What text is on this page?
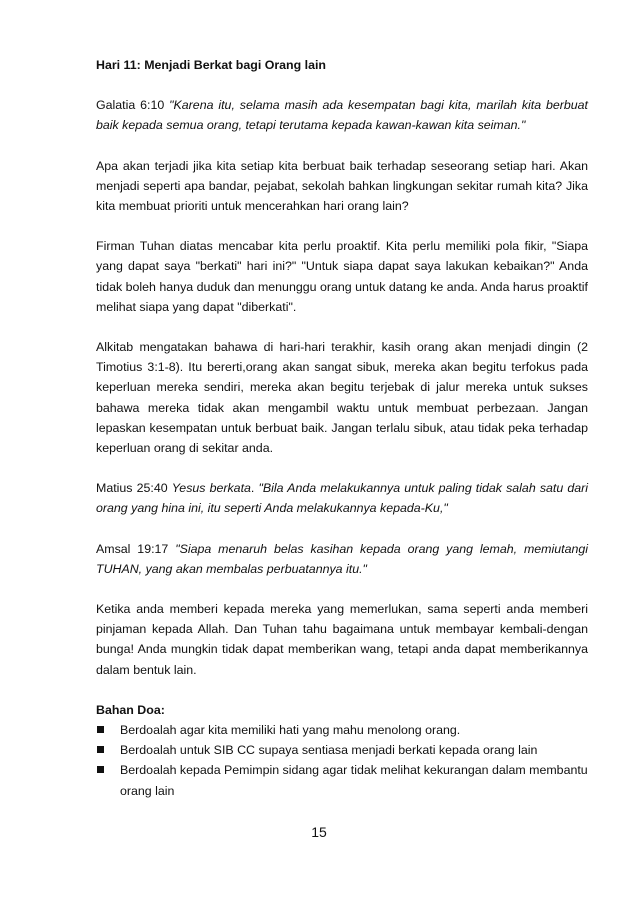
Hari 11: Menjadi Berkat bagi Orang lain

Galatia 6:10 "Karena itu, selama masih ada kesempatan bagi kita, marilah kita berbuat baik kepada semua orang, tetapi terutama kepada kawan-kawan kita seiman."

Apa akan terjadi jika kita setiap kita berbuat baik terhadap seseorang setiap hari. Akan menjadi seperti apa bandar, pejabat, sekolah bahkan lingkungan sekitar rumah kita? Jika kita membuat prioriti untuk mencerahkan hari orang lain?

Firman Tuhan diatas mencabar kita perlu proaktif. Kita perlu memiliki pola fikir, "Siapa yang dapat saya "berkati" hari ini?" "Untuk siapa dapat saya lakukan kebaikan?" Anda tidak boleh hanya duduk dan menunggu orang untuk datang ke anda. Anda harus proaktif melihat siapa yang dapat "diberkati".

Alkitab mengatakan bahawa di hari-hari terakhir, kasih orang akan menjadi dingin (2 Timotius 3:1-8). Itu bererti,orang akan sangat sibuk, mereka akan begitu terfokus pada keperluan mereka sendiri, mereka akan begitu terjebak di jalur mereka untuk sukses bahawa mereka tidak akan mengambil waktu untuk membuat perbezaan. Jangan lepaskan kesempatan untuk berbuat baik. Jangan terlalu sibuk, atau tidak peka terhadap keperluan orang di sekitar anda.

Matius 25:40 Yesus berkata. "Bila Anda melakukannya untuk paling tidak salah satu dari orang yang hina ini, itu seperti Anda melakukannya kepada-Ku,"

Amsal 19:17 "Siapa menaruh belas kasihan kepada orang yang lemah, memiutangi TUHAN, yang akan membalas perbuatannya itu."

Ketika anda memberi kepada mereka yang memerlukan, sama seperti anda memberi pinjaman kepada Allah. Dan Tuhan tahu bagaimana untuk membayar kembali-dengan bunga! Anda mungkin tidak dapat memberikan wang, tetapi anda dapat memberikannya dalam bentuk lain.

Bahan Doa:

Berdoalah agar kita memiliki hati yang mahu menolong orang.
Berdoalah untuk SIB CC supaya sentiasa menjadi berkati kepada orang lain
Berdoalah kepada Pemimpin sidang agar tidak melihat kekurangan dalam membantu orang lain
15
